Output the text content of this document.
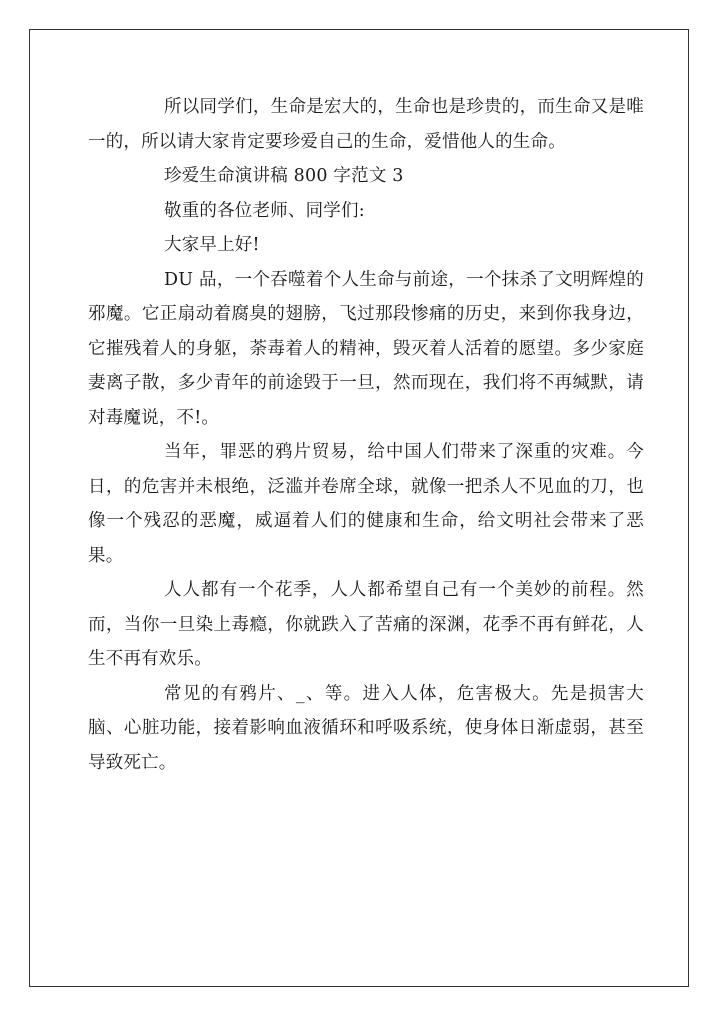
所以同学们，生命是宏大的，生命也是珍贵的，而生命又是唯一的，所以请大家肯定要珍爱自己的生命，爱惜他人的生命。

珍爱生命演讲稿 800 字范文 3

敬重的各位老师、同学们:

大家早上好!

DU 品，一个吞噬着个人生命与前途，一个抹杀了文明辉煌的邪魔。它正扇动着腐臭的翅膀，飞过那段惨痛的历史，来到你我身边，它摧残着人的身躯，荼毒着人的精神，毁灭着人活着的愿望。多少家庭妻离子散，多少青年的前途毁于一旦，然而现在，我们将不再缄默，请对毒魔说，不!。

当年，罪恶的鸦片贸易，给中国人们带来了深重的灾难。今日，的危害并未根绝，泛滥并卷席全球，就像一把杀人不见血的刀，也像一个残忍的恶魔，威逼着人们的健康和生命，给文明社会带来了恶果。

人人都有一个花季，人人都希望自己有一个美妙的前程。然而，当你一旦染上毒瘾，你就跌入了苦痛的深渊，花季不再有鲜花，人生不再有欢乐。

常见的有鸦片、_、等。进入人体，危害极大。先是损害大脑、心脏功能，接着影响血液循环和呼吸系统，使身体日渐虚弱，甚至导致死亡。
